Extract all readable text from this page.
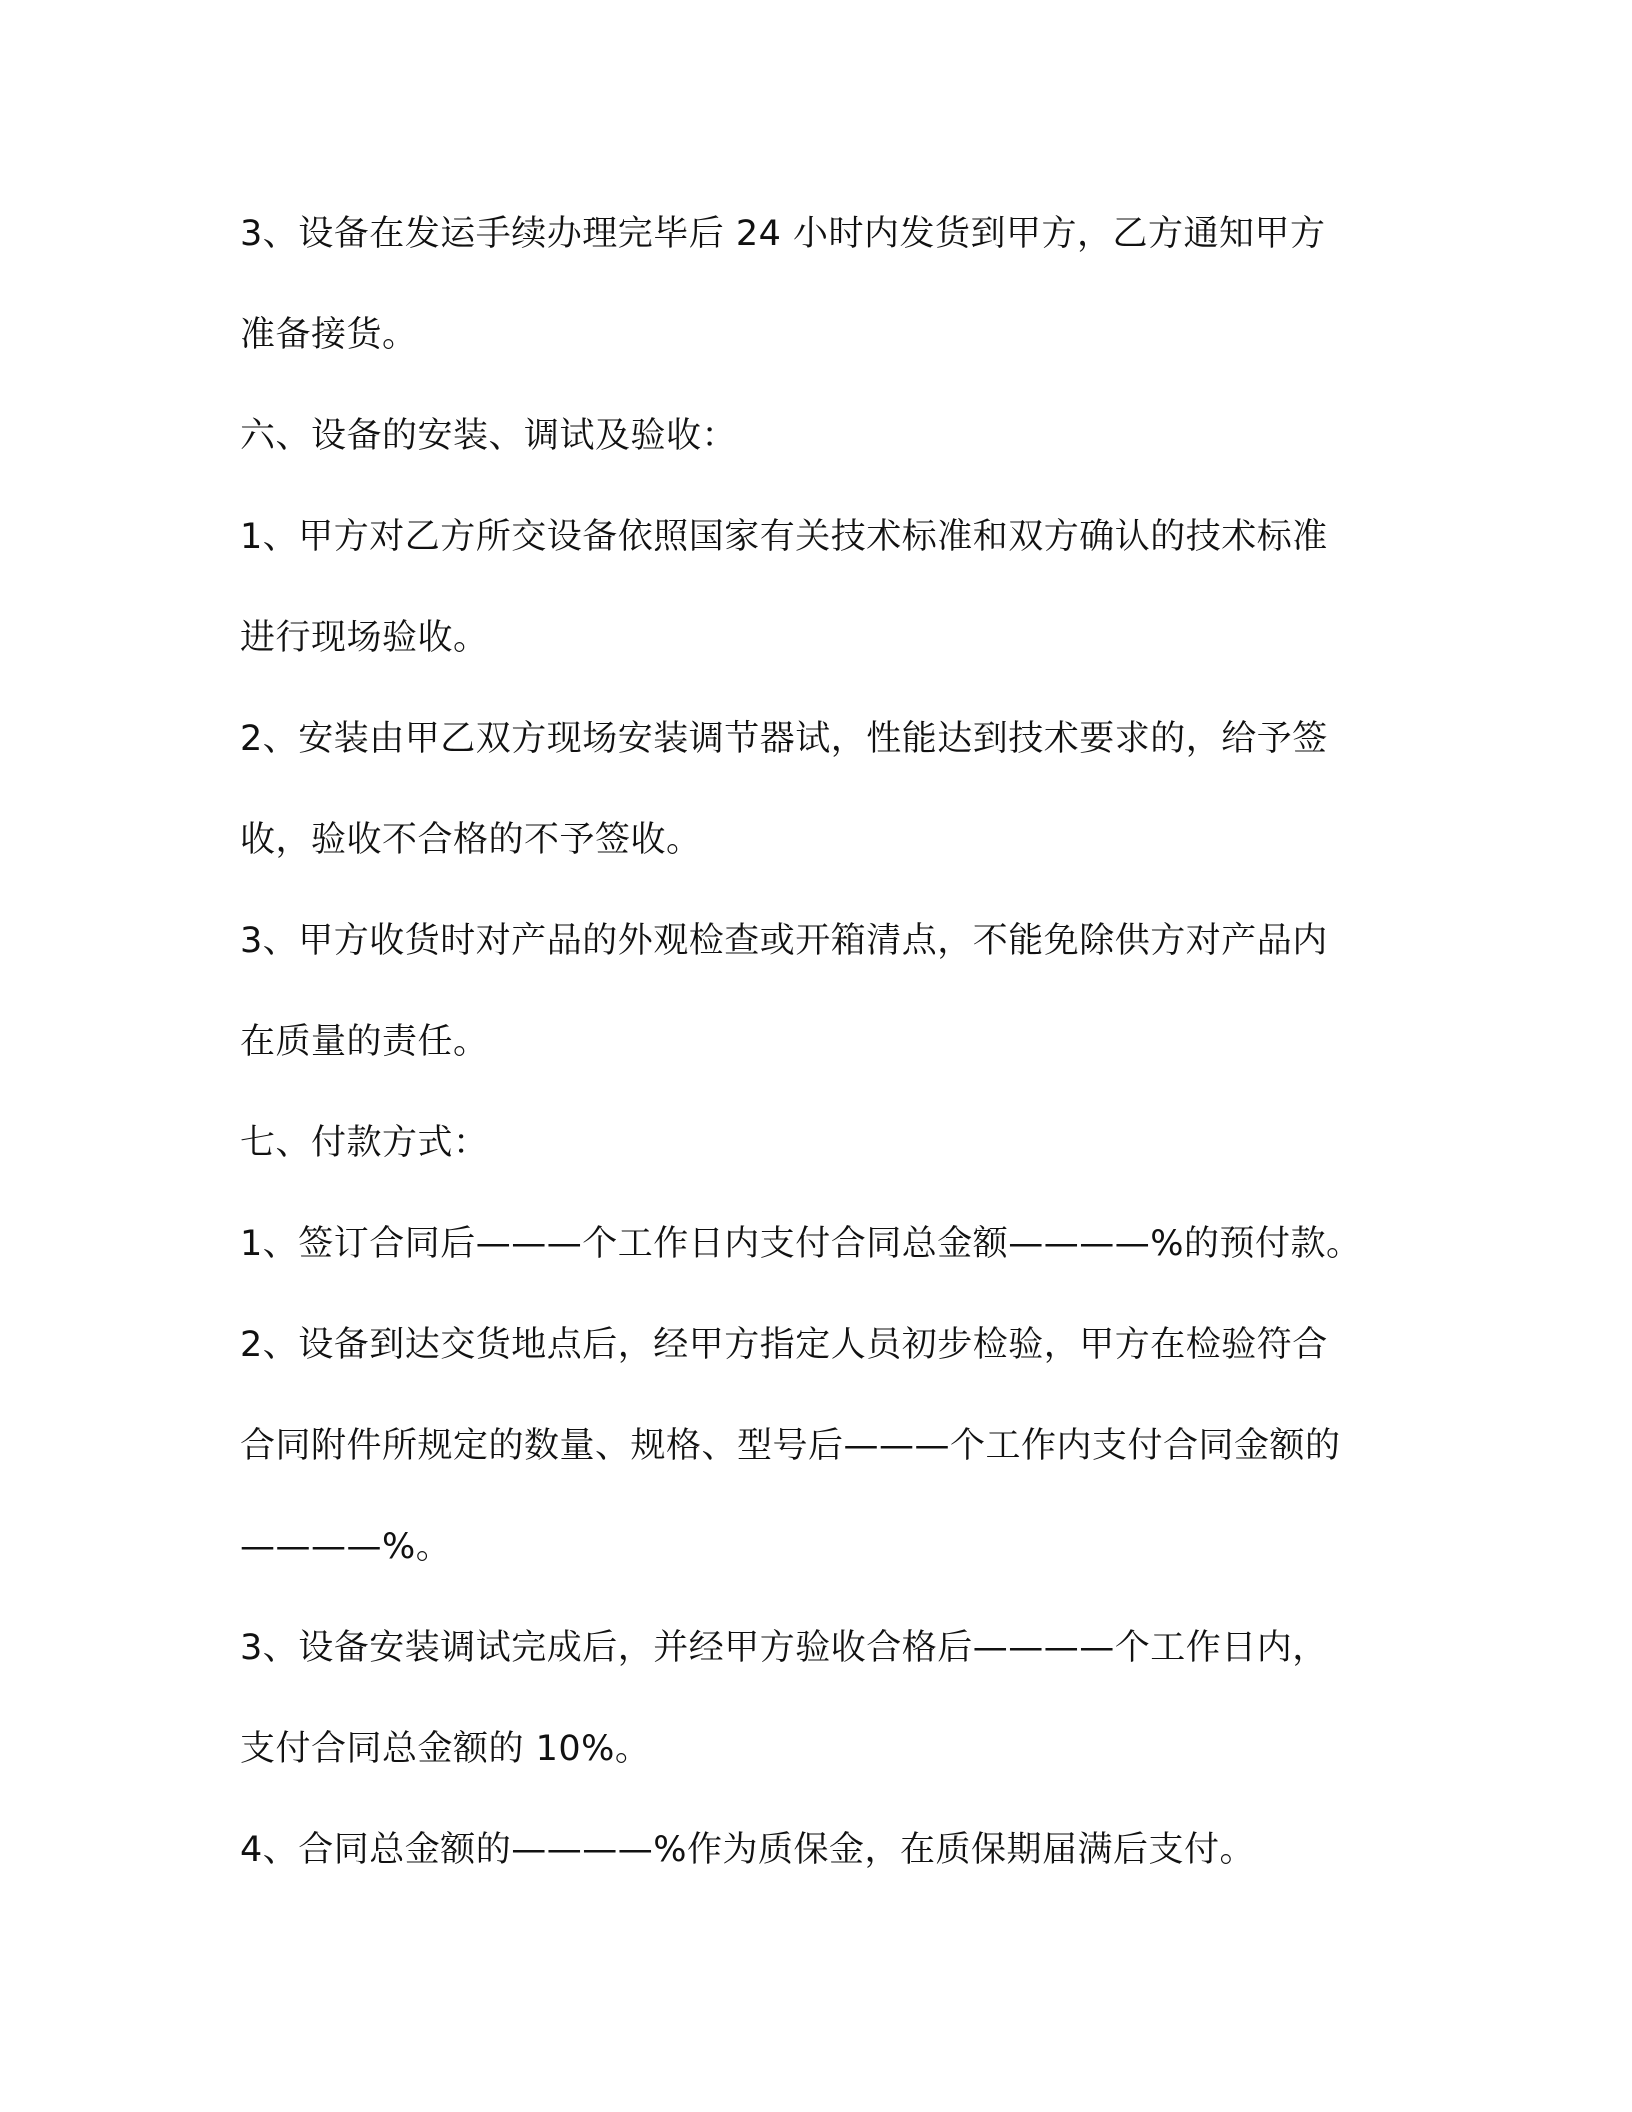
3、设备在发运手续办理完毕后 24 小时内发货到甲方，乙方通知甲方
准备接货。
六、设备的安装、调试及验收：
1、甲方对乙方所交设备依照国家有关技术标准和双方确认的技术标准
进行现场验收。
2、安装由甲乙双方现场安装调节器试，性能达到技术要求的，给予签
收，验收不合格的不予签收。
3、甲方收货时对产品的外观检查或开箱清点，不能免除供方对产品内
在质量的责任。
七、付款方式：
1、签订合同后———个工作日内支付合同总金额————%的预付款。
2、设备到达交货地点后，经甲方指定人员初步检验，甲方在检验符合
合同附件所规定的数量、规格、型号后———个工作内支付合同金额的
————%。
3、设备安装调试完成后，并经甲方验收合格后————个工作日内，
支付合同总金额的 10%。
4、合同总金额的————%作为质保金，在质保期届满后支付。
